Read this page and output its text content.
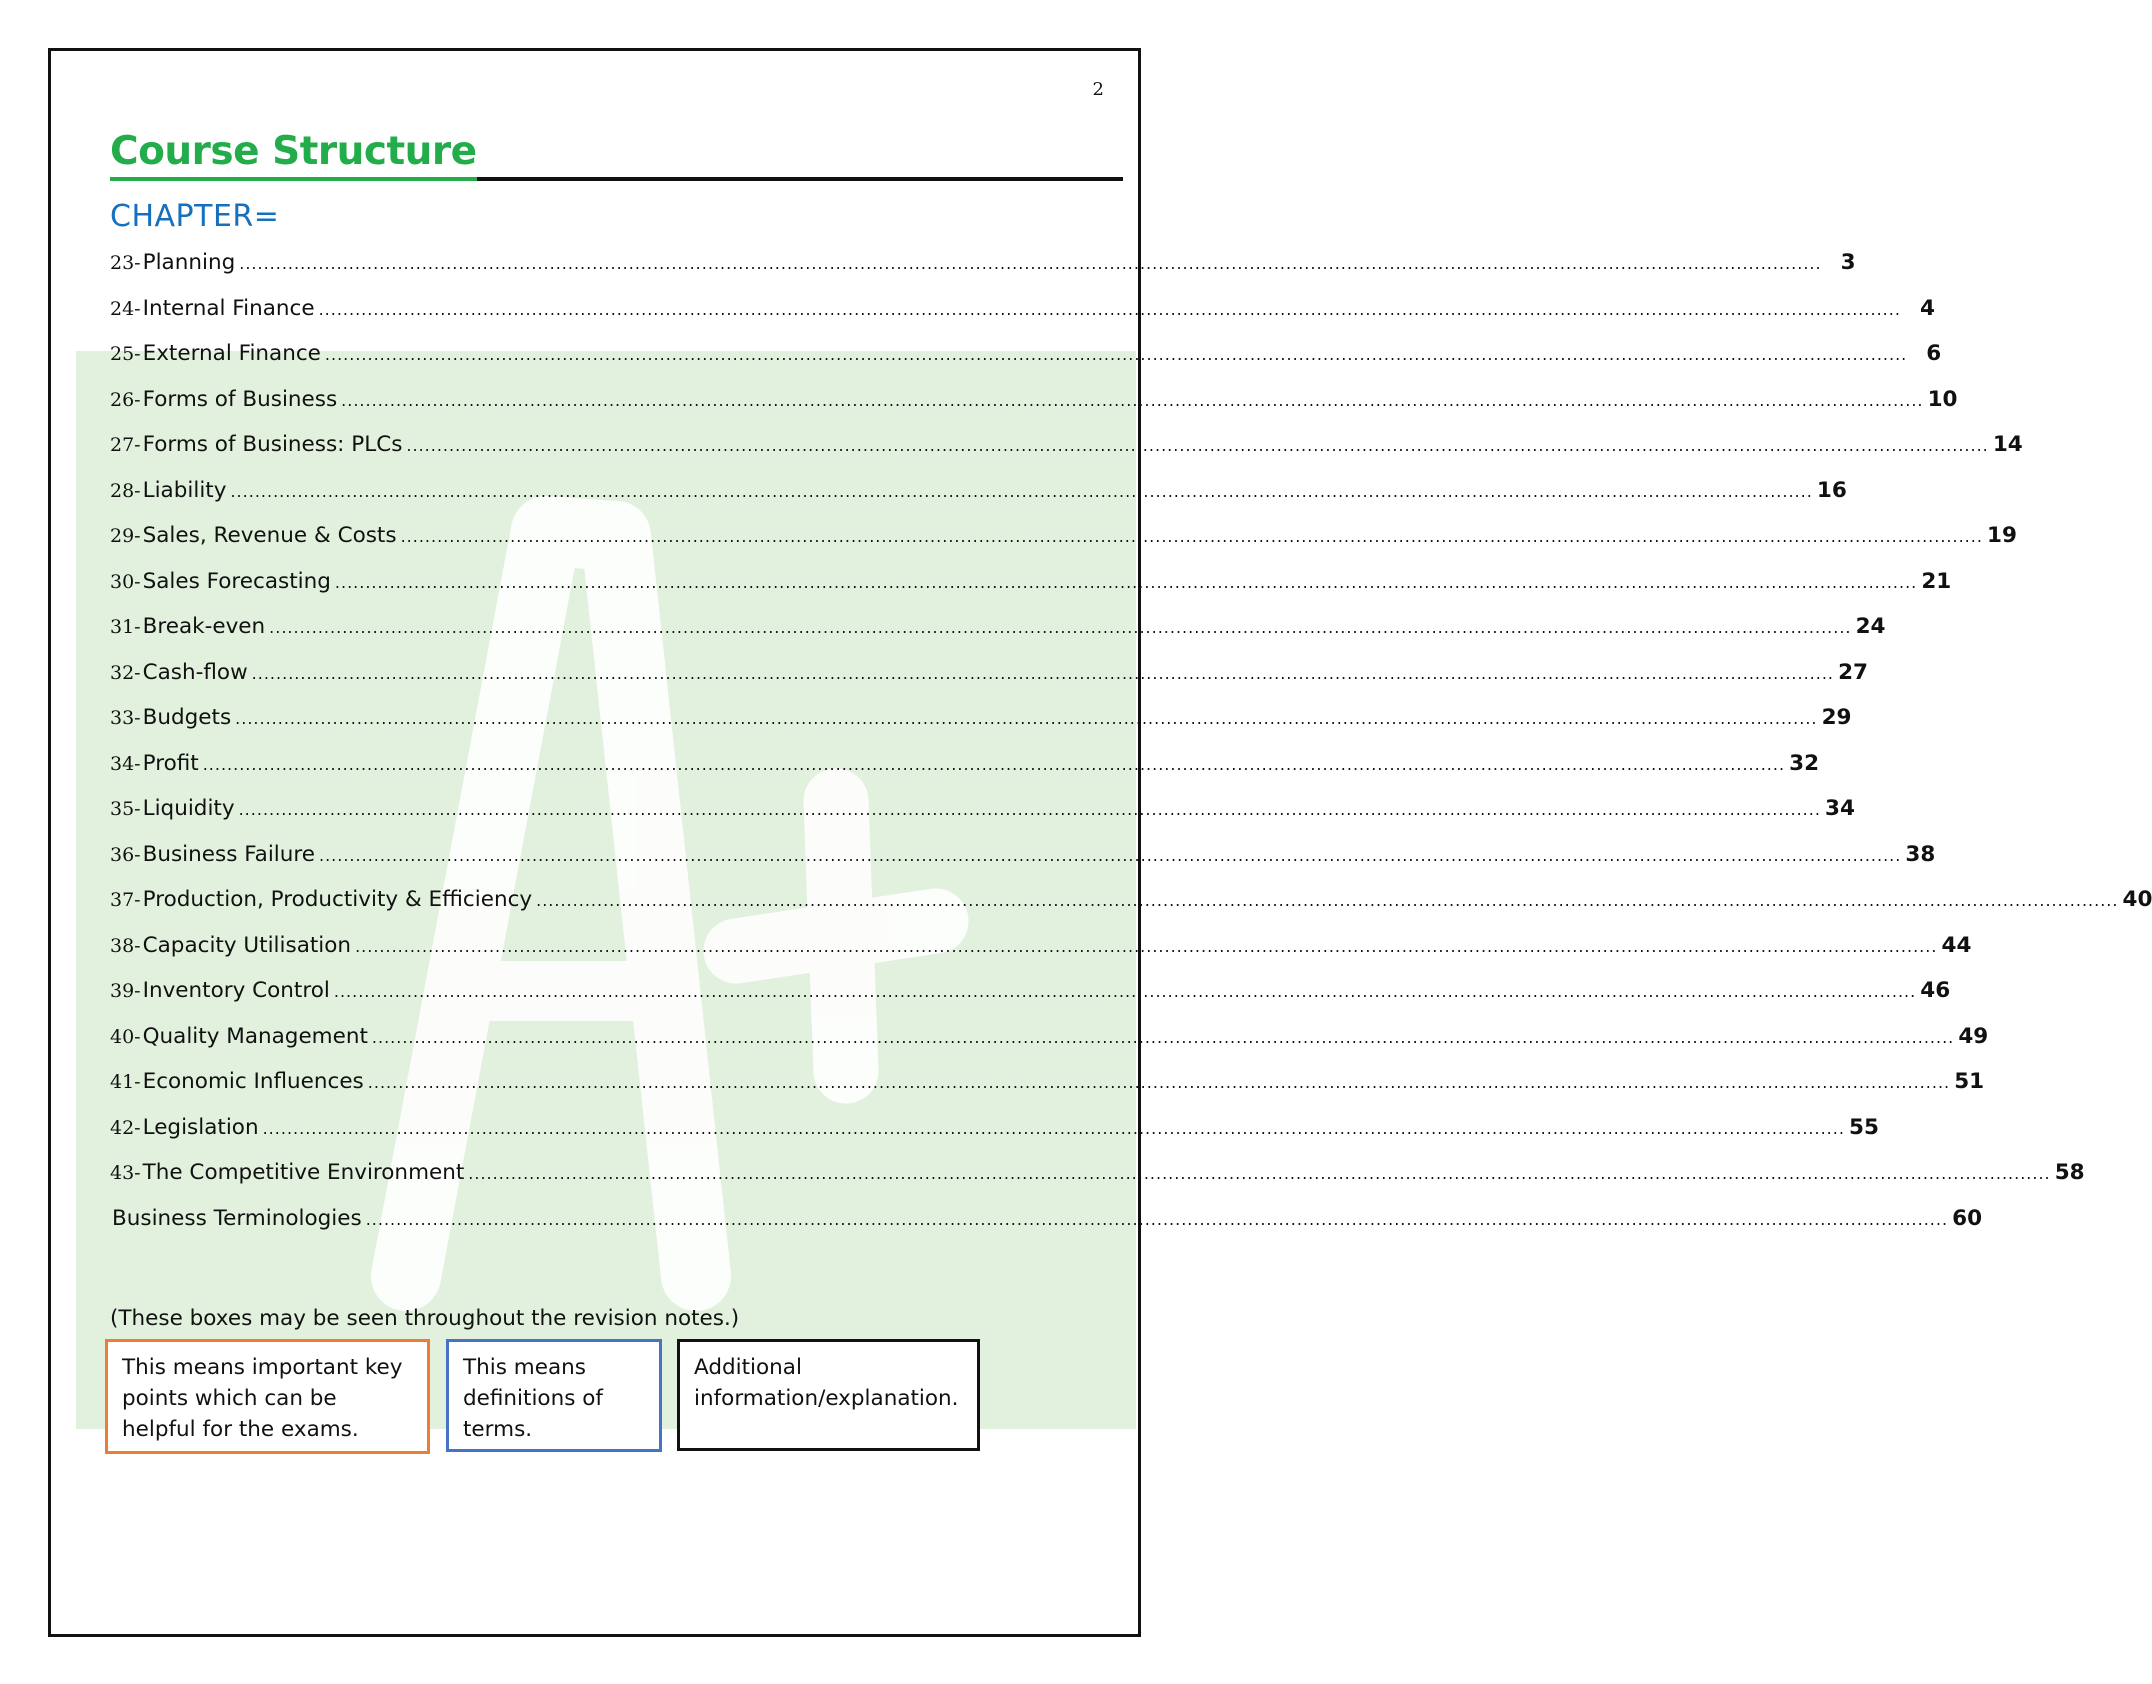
2
Course Structure
CHAPTER=
23- Planning .................................................................................................................................................................................................................................................................... 3
24- Internal Finance .................................................................................................................................................................................................................................................................... 4
25- External Finance .................................................................................................................................................................................................................................................................... 6
26- Forms of Business .................................................................................................................................................................................................................................................................... 10
27- Forms of Business: PLCs .................................................................................................................................................................................................................................................................... 14
28- Liability .................................................................................................................................................................................................................................................................... 16
29- Sales, Revenue & Costs .................................................................................................................................................................................................................................................................... 19
30- Sales Forecasting .................................................................................................................................................................................................................................................................... 21
31- Break-even .................................................................................................................................................................................................................................................................... 24
32- Cash-flow .................................................................................................................................................................................................................................................................... 27
33- Budgets .................................................................................................................................................................................................................................................................... 29
34- Profit .................................................................................................................................................................................................................................................................... 32
35- Liquidity .................................................................................................................................................................................................................................................................... 34
36- Business Failure .................................................................................................................................................................................................................................................................... 38
37- Production, Productivity & Efficiency .................................................................................................................................................................................................................................................................... 40
38- Capacity Utilisation .................................................................................................................................................................................................................................................................... 44
39- Inventory Control .................................................................................................................................................................................................................................................................... 46
40- Quality Management .................................................................................................................................................................................................................................................................... 49
41- Economic Influences .................................................................................................................................................................................................................................................................... 51
42- Legislation .................................................................................................................................................................................................................................................................... 55
43- The Competitive Environment .................................................................................................................................................................................................................................................................... 58
Business Terminologies .................................................................................................................................................................................................................................................................... 60
(These boxes may be seen throughout the revision notes.)
This means important key points which can be helpful for the exams.
This means definitions of terms.
Additional information/explanation.
